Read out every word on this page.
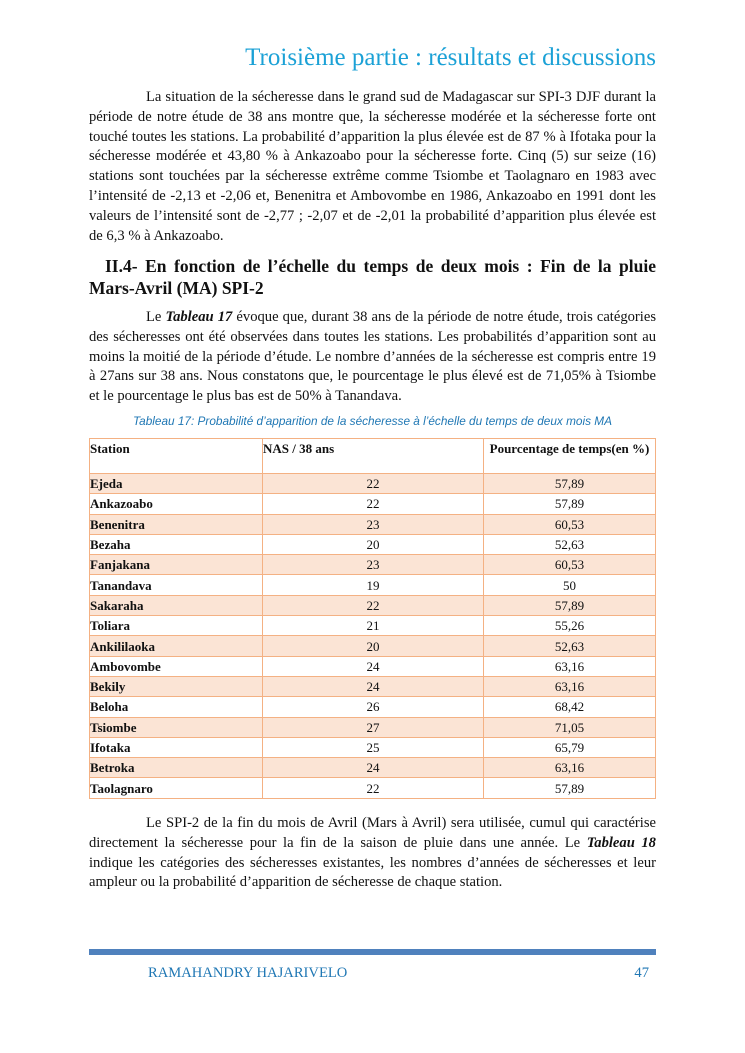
Troisième partie : résultats et discussions

La situation de la sécheresse dans le grand sud de Madagascar sur SPI-3 DJF durant la période de notre étude de 38 ans montre que, la sécheresse modérée et la sécheresse forte ont touché toutes les stations. La probabilité d’apparition la plus élevée est de 87 % à Ifotaka pour la sécheresse modérée et 43,80 % à Ankazoabo pour la sécheresse forte. Cinq (5) sur seize (16) stations sont touchées par la sécheresse extrême comme Tsiombe et Taolagnaro en 1983 avec l’intensité de -2,13 et -2,06 et, Benenitra et Ambovombe en 1986, Ankazoabo en 1991 dont les valeurs de l’intensité sont de -2,77 ; -2,07 et de -2,01 la probabilité d’apparition plus élevée est de 6,3 % à Ankazoabo.

II.4- En fonction de l’échelle du temps de deux mois : Fin de la pluie Mars-Avril (MA) SPI-2

Le Tableau 17 évoque que, durant 38 ans de la période de notre étude, trois catégories des sécheresses ont été observées dans toutes les stations. Les probabilités d’apparition sont au moins la moitié de la période d’étude. Le nombre d’années de la sécheresse est compris entre 19 à 27ans sur 38 ans. Nous constatons que, le pourcentage le plus élevé est de 71,05% à Tsiombe et le pourcentage le plus bas est de 50% à Tanandava.

Tableau 17: Probabilité d’apparition de la sécheresse à l’échelle du temps de deux mois MA
Station	NAS / 38 ans	Pourcentage de temps(en %)
Ejeda	22	57,89
Ankazoabo	22	57,89
Benenitra	23	60,53
Bezaha	20	52,63
Fanjakana	23	60,53
Tanandava	19	50
Sakaraha	22	57,89
Toliara	21	55,26
Ankililaoka	20	52,63
Ambovombe	24	63,16
Bekily	24	63,16
Beloha	26	68,42
Tsiombe	27	71,05
Ifotaka	25	65,79
Betroka	24	63,16
Taolagnaro	22	57,89

Le SPI-2 de la fin du mois de Avril (Mars à Avril) sera utilisée, cumul qui caractérise directement la sécheresse pour la fin de la saison de pluie dans une année. Le Tableau 18 indique les catégories des sécheresses existantes, les nombres d’années de sécheresses et leur ampleur ou la probabilité d’apparition de sécheresse de chaque station.

RAMAHANDRY HAJARIVELO	47
